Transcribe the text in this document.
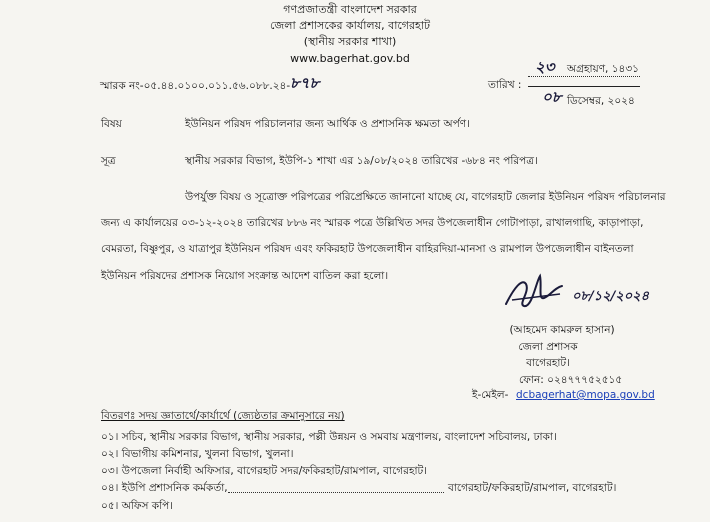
গণপ্রজাতন্ত্রী বাংলাদেশ সরকার
জেলা প্রশাসকের কার্যালয়, বাগেরহাট
(স্থানীয় সরকার শাখা)
www.bagerhat.gov.bd	২৩ অগ্রহায়ণ, ১৪৩১
স্মারক নং-০৫.৪৪.০১০০.০১১.৫৬.০৮৮.২৪- ৮৭৮	তারিখ :
০৮ ডিসেম্বর, ২০২৪
বিষয়	ইউনিয়ন পরিষদ পরিচালনার জন্য আর্থিক ও প্রশাসনিক ক্ষমতা অর্পণ।
সূত্র	স্থানীয় সরকার বিভাগ, ইউপি-১ শাখা এর ১৯/০৮/২০২৪ তারিখের -৬৮৪ নং পরিপত্র।
উপর্যুক্ত বিষয় ও সূত্রোক্ত পরিপত্রের পরিপ্রেক্ষিতে জানানো যাচ্ছে যে, বাগেরহাট জেলার ইউনিয়ন পরিষদ পরিচালনার
জন্য এ কার্যালয়ের ০৩-১২-২০২৪ তারিখের ৮৮৬ নং স্মারক পত্রে উল্লিখিত সদর উপজেলাধীন গোটাপাড়া, রাখালগাছি, কাড়াপাড়া,
বেমরতা, বিষ্ণুপুর, ও যাত্রাপুর ইউনিয়ন পরিষদ এবং ফকিরহাট উপজেলাধীন বাহিরদিয়া-মানসা ও রামপাল উপজেলাধীন বাইনতলা
ইউনিয়ন পরিষদের প্রশাসক নিয়োগ সংক্রান্ত আদেশ বাতিল করা হলো।
০৮/১২/২০২৪
(আহমেদ কামরুল হাসান)
জেলা প্রশাসক
বাগেরহাট।
ফোন: ০২৪৭৭৭৫২৫১৫
ই-মেইল- dcbagerhat@mopa.gov.bd
বিতরণঃ সদয় জ্ঞাতার্থে/কার্যার্থে (জ্যেষ্ঠতার ক্রমানুসারে নয়)
০১। সচিব, স্থানীয় সরকার বিভাগ, স্থানীয় সরকার, পল্লী উন্নয়ন ও সমবায় মন্ত্রণালয়, বাংলাদেশ সচিবালয়, ঢাকা।
০২। বিভাগীয় কমিশনার, খুলনা বিভাগ, খুলনা।
০৩। উপজেলা নির্বাহী অফিসার, বাগেরহাট সদর/ফকিরহাট/রামপাল, বাগেরহাট।
০৪। ইউপি প্রশাসনিক কর্মকর্তা,	বাগেরহাট/ফকিরহাট/রামপাল, বাগেরহাট।
০৫। অফিস কপি।
